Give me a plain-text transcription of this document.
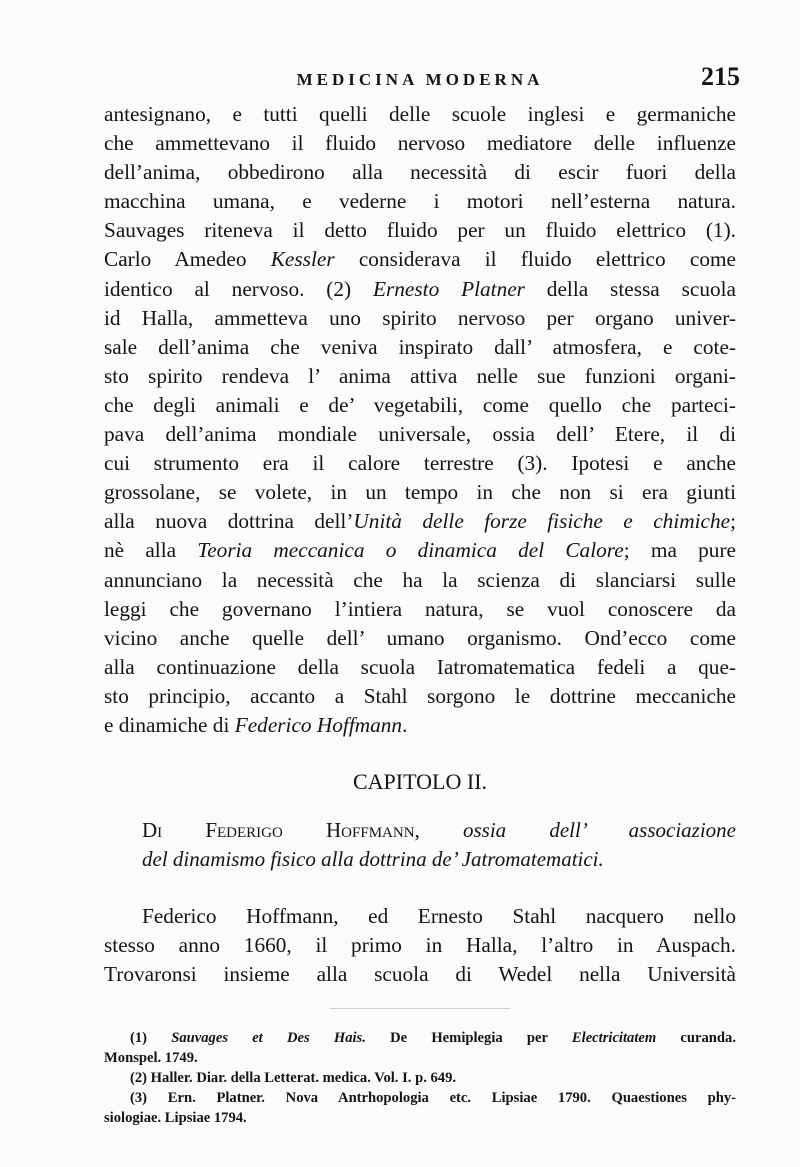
MEDICINA MODERNA	215
antesignano, e tutti quelli delle scuole inglesi e germaniche
che ammettevano il fluido nervoso mediatore delle influenze
dell’anima, obbedirono alla necessità di escir fuori della
macchina umana, e vederne i motori nell’esterna natura.
Sauvages riteneva il detto fluido per un fluido elettrico (1).
Carlo Amedeo Kessler considerava il fluido elettrico come
identico al nervoso. (2) Ernesto Platner della stessa scuola
id Halla, ammetteva uno spirito nervoso per organo univer-
sale dell’anima che veniva inspirato dall’ atmosfera, e cote-
sto spirito rendeva l’ anima attiva nelle sue funzioni organi-
che degli animali e de’ vegetabili, come quello che parteci-
pava dell’anima mondiale universale, ossia dell’ Etere, il di
cui strumento era il calore terrestre (3). Ipotesi e anche
grossolane, se volete, in un tempo in che non si era giunti
alla nuova dottrina dell’Unità delle forze fisiche e chimiche;
nè alla Teoria meccanica o dinamica del Calore; ma pure
annunciano la necessità che ha la scienza di slanciarsi sulle
leggi che governano l’intiera natura, se vuol conoscere da
vicino anche quelle dell’ umano organismo. Ond’ecco come
alla continuazione della scuola Iatromatematica fedeli a que-
sto principio, accanto a Stahl sorgono le dottrine meccaniche
e dinamiche di Federico Hoffmann.
CAPITOLO II.
Di Federigo Hoffmann, ossia dell’ associazione
del dinamismo fisico alla dottrina de’ Jatromatematici.
Federico Hoffmann, ed Ernesto Stahl nacquero nello
stesso anno 1660, il primo in Halla, l’altro in Auspach.
Trovaronsi insieme alla scuola di Wedel nella Università
(1) Sauvages et Des Hais. De Hemiplegia per Electricitatem curanda.
Monspel. 1749.
(2) Haller. Diar. della Letterat. medica. Vol. I. p. 649.
(3) Ern. Platner. Nova Antrhopologia etc. Lipsiae 1790. Quaestiones phy-
siologiae. Lipsiae 1794.
